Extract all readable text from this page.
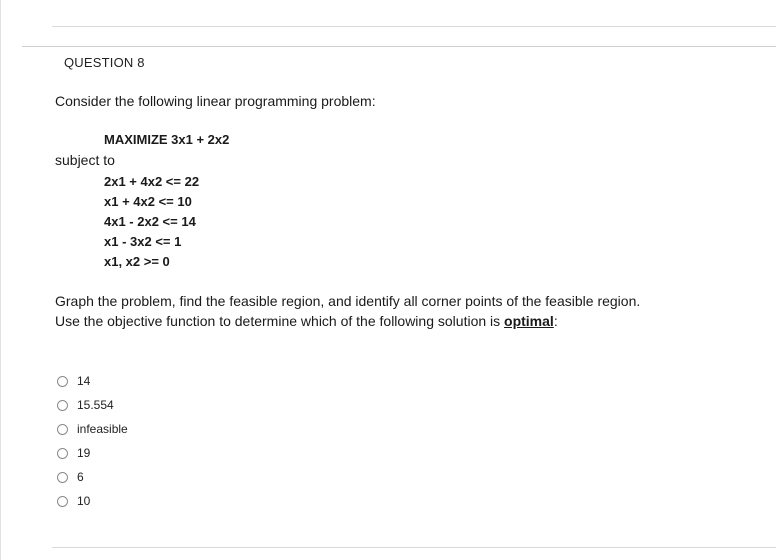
QUESTION 8
Consider the following linear programming problem:
MAXIMIZE 3x1 + 2x2
subject to
2x1 + 4x2 <= 22
x1 + 4x2 <= 10
4x1 - 2x2 <= 14
x1 - 3x2 <= 1
x1, x2 >= 0
Graph the problem, find the feasible region, and identify all corner points of the feasible region.
Use the objective function to determine which of the following solution is optimal:
14
15.554
infeasible
19
6
10
